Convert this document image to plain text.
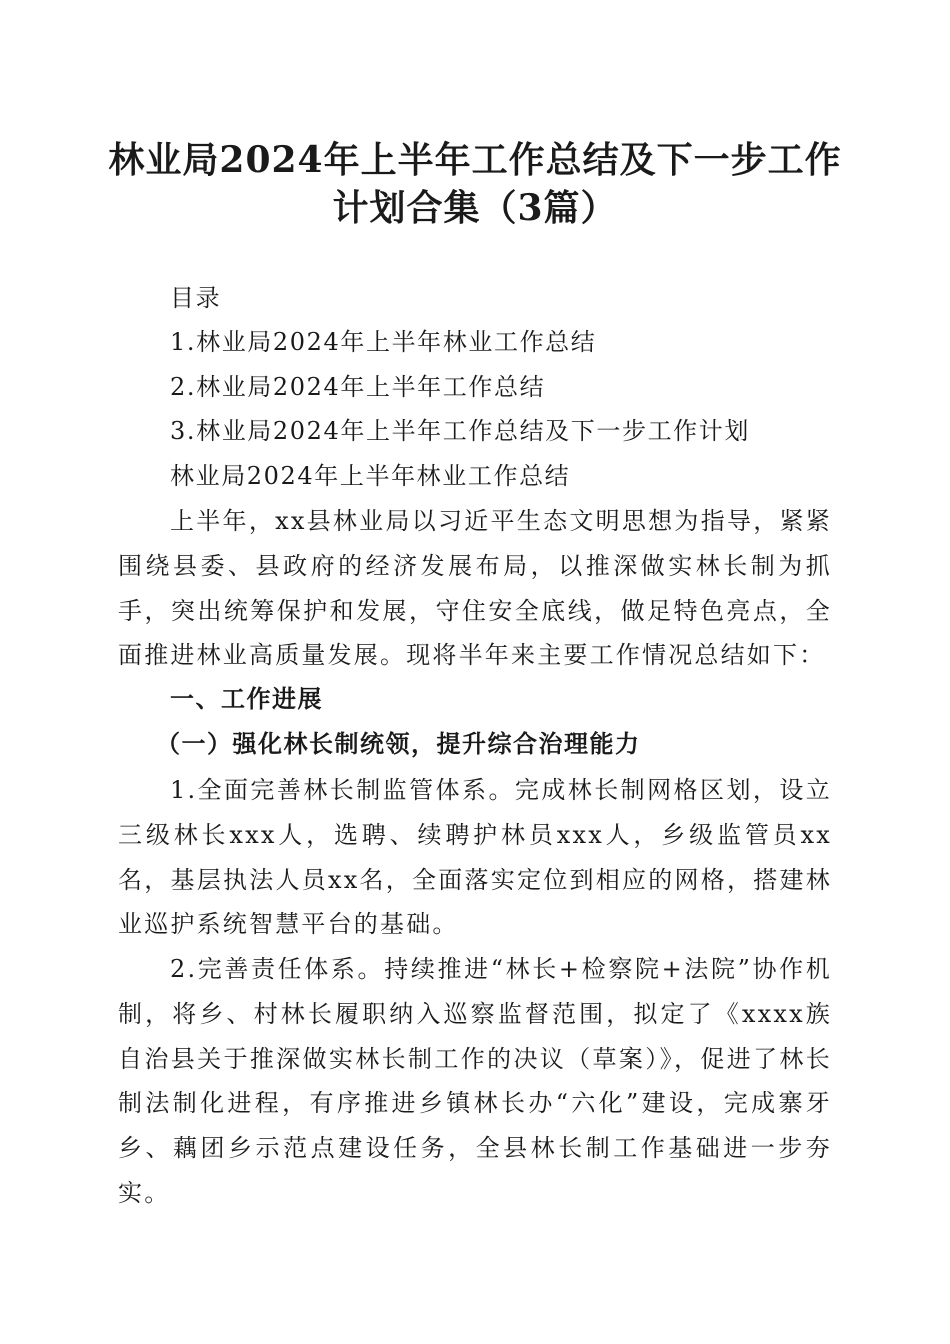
林业局2024年上半年工作总结及下一步工作
计划合集（3篇）
目录
1.林业局2024年上半年林业工作总结
2.林业局2024年上半年工作总结
3.林业局2024年上半年工作总结及下一步工作计划
林业局2024年上半年林业工作总结

上半年，xx县林业局以习近平生态文明思想为指导，紧紧围绕县委、县政府的经济发展布局，以推深做实林长制为抓手，突出统筹保护和发展，守住安全底线，做足特色亮点，全面推进林业高质量发展。现将半年来主要工作情况总结如下：

一、工作进展
（一）强化林长制统领，提升综合治理能力

1.全面完善林长制监管体系。完成林长制网格区划，设立三级林长xxx人，选聘、续聘护林员xxx人，乡级监管员xx名，基层执法人员xx名，全面落实定位到相应的网格，搭建林业巡护系统智慧平台的基础。

2.完善责任体系。持续推进“林长+检察院+法院”协作机制，将乡、村林长履职纳入巡察监督范围，拟定了《xxxx族自治县关于推深做实林长制工作的决议（草案）》，促进了林长制法制化进程，有序推进乡镇林长办“六化”建设，完成寨牙乡、藕团乡示范点建设任务，全县林长制工作基础进一步夯实。
